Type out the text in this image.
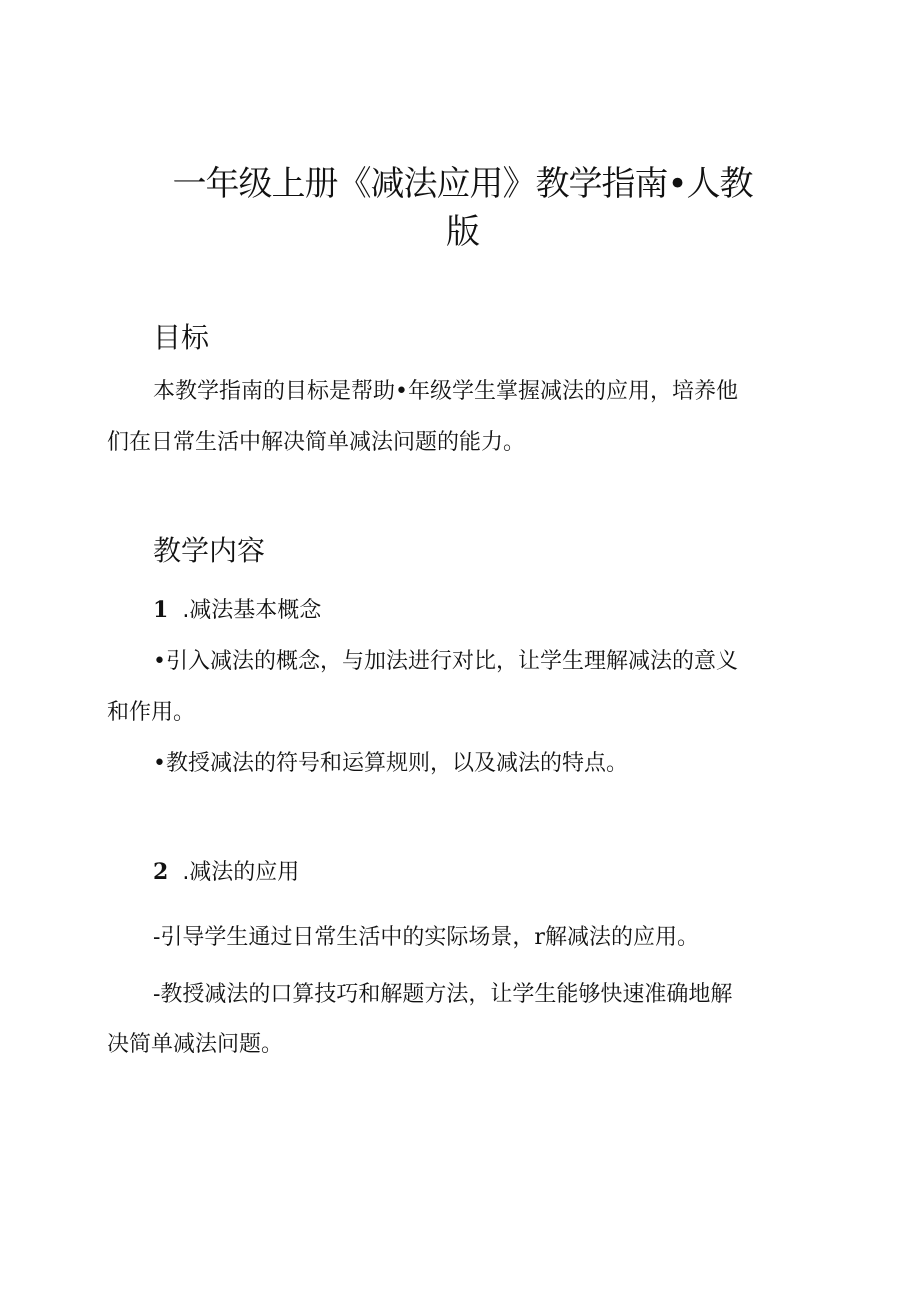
一年级上册《减法应用》教学指南•人教
版
目标
本教学指南的目标是帮助•年级学生掌握减法的应用，培养他
们在日常生活中解决简单减法问题的能力。
教学内容
1 .减法基本概念
•引入减法的概念，与加法进行对比，让学生理解减法的意义
和作用。
•教授减法的符号和运算规则，以及减法的特点。
2 .减法的应用
-引导学生通过日常生活中的实际场景，r解减法的应用。
-教授减法的口算技巧和解题方法，让学生能够快速准确地解
决简单减法问题。
